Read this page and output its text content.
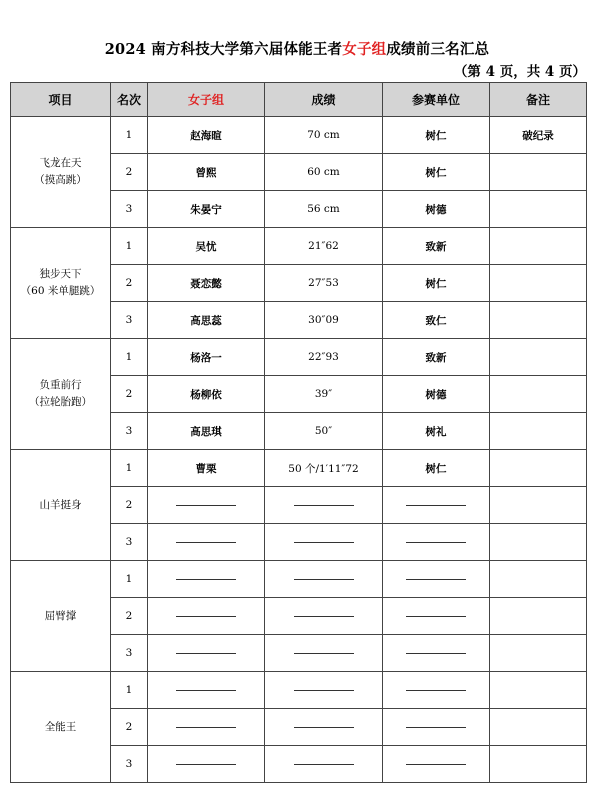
2024 南方科技大学第六届体能王者女子组成绩前三名汇总
（第 4 页，共 4 页）
项目	名次	女子组	成绩	参赛单位	备注

飞龙在天
（摸高跳）	1	赵海暄	70 cm	树仁	破纪录
	2	曾熙	60 cm	树仁	
	3	朱晏宁	56 cm	树德	

独步天下
（60 米单腿跳）	1	吴忧	21″62	致新	
	2	聂恋懿	27″53	树仁	
	3	高思蕊	30″09	致仁	

负重前行
（拉轮胎跑）	1	杨洛一	22″93	致新	
	2	杨柳依	39″	树德	
	3	高思琪	50″	树礼	

山羊挺身	1	曹栗	50 个/1′11″72	树仁	
	2				
	3				

屈臂撑	1				
	2				
	3				

全能王	1				
	2				
	3				
